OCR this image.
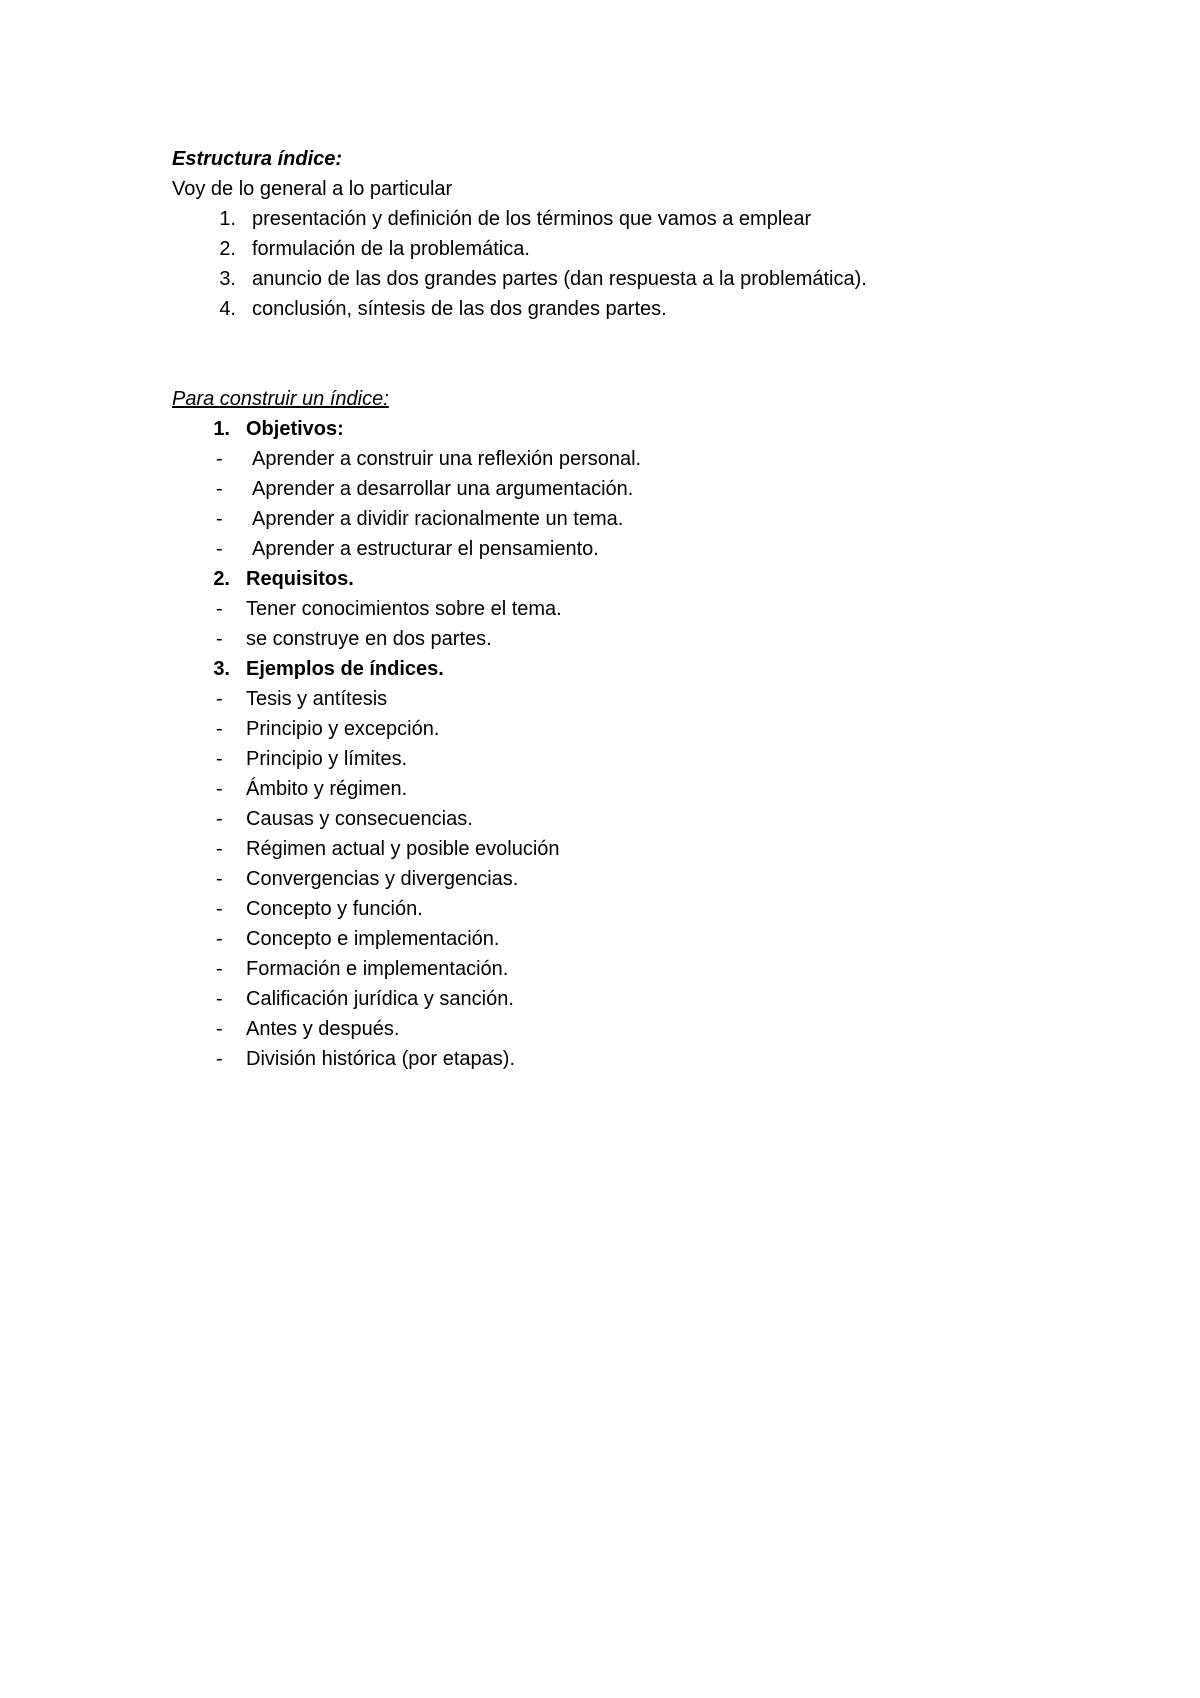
Estructura índice:
Voy de lo general a lo particular
1. presentación y definición de los términos que vamos a emplear
2. formulación de la problemática.
3. anuncio de las dos grandes partes (dan respuesta a la problemática).
4. conclusión, síntesis de las dos grandes partes.
Para construir un índice:
1. Objetivos:
- Aprender a construir una reflexión personal.
- Aprender a desarrollar una argumentación.
- Aprender a dividir racionalmente un tema.
- Aprender a estructurar el pensamiento.
2. Requisitos.
- Tener conocimientos sobre el tema.
- se construye en dos partes.
3. Ejemplos de índices.
- Tesis y antítesis
- Principio y excepción.
- Principio y límites.
- Ámbito y régimen.
- Causas y consecuencias.
- Régimen actual y posible evolución
- Convergencias y divergencias.
- Concepto y función.
- Concepto e implementación.
- Formación e implementación.
- Calificación jurídica y sanción.
- Antes y después.
- División histórica (por etapas).
